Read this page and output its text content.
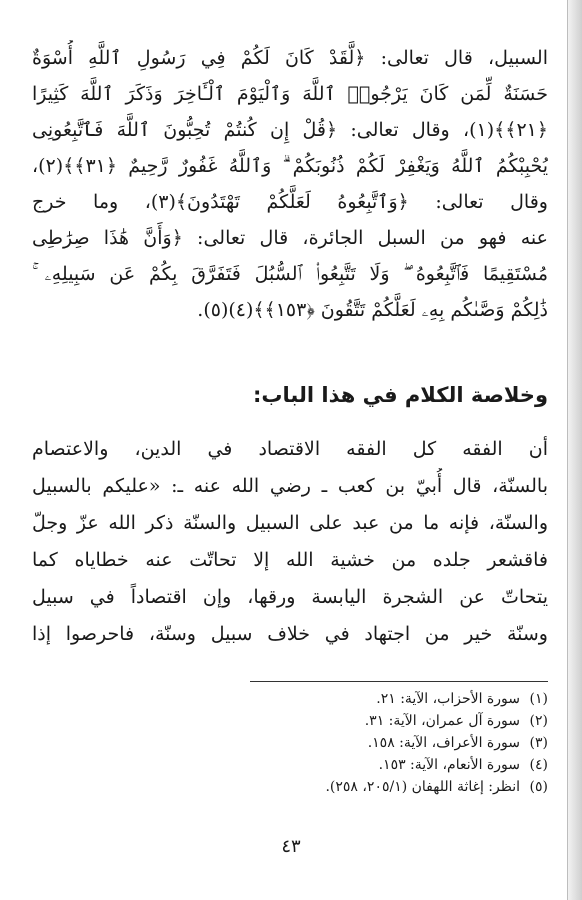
السبيل، قال تعالى: ﴿لَّقَدْ كَانَ لَكُمْ فِي رَسُولِ ٱللَّهِ أُسْوَةٌ
حَسَنَةٌ لِّمَن كَانَ يَرْجُوا۟ ٱللَّهَ وَٱلْيَوْمَ ٱلْـَٔاخِرَ وَذَكَرَ ٱللَّهَ كَثِيرًا
﴿٢١﴾﴾(١)، وقال تعالى: ﴿قُلْ إِن كُنتُمْ تُحِبُّونَ ٱللَّهَ فَٱتَّبِعُونِى
يُحْبِبْكُمُ ٱللَّهُ وَيَغْفِرْ لَكُمْ ذُنُوبَكُمْ ۗ وَٱللَّهُ غَفُورٌ رَّحِيمٌ ﴿٣١﴾﴾(٢)،
وقال تعالى: ﴿وَٱتَّبِعُوهُ لَعَلَّكُمْ تَهْتَدُونَ﴾(٣)، وما خرج
عنه فهو من السبل الجائرة، قال تعالى: ﴿وَأَنَّ هَٰذَا صِرَٰطِى
مُسْتَقِيمًا فَٱتَّبِعُوهُ ۖ وَلَا تَتَّبِعُوا۟ ٱلسُّبُلَ فَتَفَرَّقَ بِكُمْ عَن سَبِيلِهِۦ ۚ
ذَٰلِكُمْ وَصَّىٰكُم بِهِۦ لَعَلَّكُمْ تَتَّقُونَ ﴿١٥٣﴾﴾(٤)(٥).
وخلاصة الكلام في هذا الباب:
أن الفقه كل الفقه الاقتصاد في الدين، والاعتصام
بالسنّة، قال أُبيّ بن كعب ـ رضي الله عنه ـ: «عليكم بالسبيل
والسنّة، فإنه ما من عبد على السبيل والسنّة ذكر الله عزّ وجلّ
فاقشعر جلده من خشية الله إلا تحاتّت عنه خطاياه كما
يتحاتّ عن الشجرة اليابسة ورقها، وإن اقتصاداً في سبيل
وسنّة خير من اجتهاد في خلاف سبيل وسنّة، فاحرصوا إذا
(١)سورة الأحزاب، الآية: ٢١.
(٢)سورة آل عمران، الآية: ٣١.
(٣)سورة الأعراف، الآية: ١٥٨.
(٤)سورة الأنعام، الآية: ١٥٣.
(٥)انظر: إغاثة اللهفان (٢٠٥/١، ٢٥٨).
٤٣
